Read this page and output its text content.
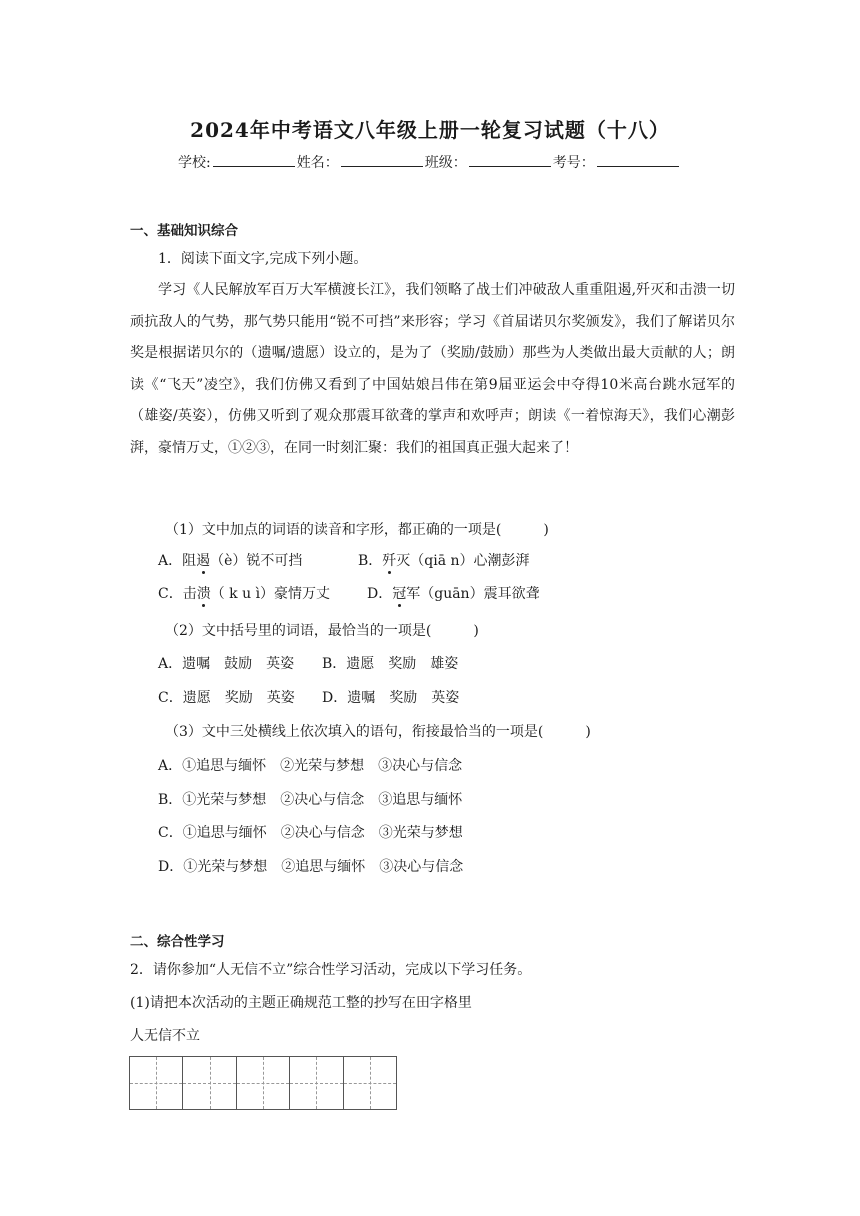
2024年中考语文八年级上册一轮复习试题（十八）
学校:	姓名：	班级：	考号：
一、基础知识综合
1．阅读下面文字,完成下列小题。
学习《人民解放军百万大军横渡长江》，我们领略了战士们冲破敌人重重阻遏,歼灭和击溃一切顽抗敌人的气势，那气势只能用“锐不可挡”来形容；学习《首届诺贝尔奖颁发》，我们了解诺贝尔奖是根据诺贝尔的（遗嘱/遗愿）设立的，是为了（奖励/鼓励）那些为人类做出最大贡献的人；朗读《“飞天”凌空》，我们仿佛又看到了中国姑娘吕伟在第9届亚运会中夺得10米高台跳水冠军的（雄姿/英姿），仿佛又听到了观众那震耳欲聋的掌声和欢呼声；朗读《一着惊海天》，我们心潮彭湃，豪情万丈，①②③，在同一时刻汇聚：我们的祖国真正强大起来了！
（1）文中加点的词语的读音和字形，都正确的一项是(　　　)
A．阻遏（è）锐不可挡	B．歼灭（qiā n）心潮彭湃
C．击溃（ k u ì）豪情万丈	D．冠军（guān）震耳欲聋
（2）文中括号里的词语，最恰当的一项是(　　　)
A．遗嘱　鼓励　英姿 B．遗愿　奖励　雄姿
C．遗愿　奖励　英姿 D．遗嘱　奖励　英姿
（3）文中三处横线上依次填入的语句，衔接最恰当的一项是(　　　)
A．①追思与缅怀　②光荣与梦想　③决心与信念
B．①光荣与梦想　②决心与信念　③追思与缅怀
C．①追思与缅怀　②决心与信念　③光荣与梦想
D．①光荣与梦想　②追思与缅怀　③决心与信念
二、综合性学习
2．请你参加“人无信不立”综合性学习活动，完成以下学习任务。
(1)请把本次活动的主题正确规范工整的抄写在田字格里
人无信不立
